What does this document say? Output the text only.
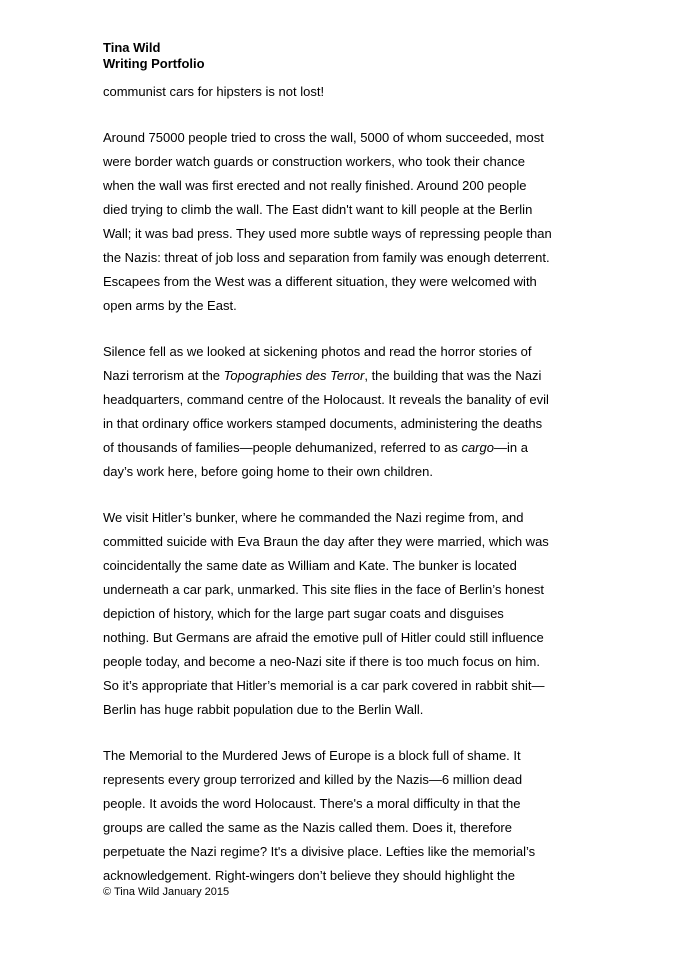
Tina Wild
Writing Portfolio

communist cars for hipsters is not lost!

Around 75000 people tried to cross the wall, 5000 of whom succeeded, most
were border watch guards or construction workers, who took their chance
when the wall was first erected and not really finished. Around 200 people
died trying to climb the wall. The East didn't want to kill people at the Berlin
Wall; it was bad press. They used more subtle ways of repressing people than
the Nazis: threat of job loss and separation from family was enough deterrent.
Escapees from the West was a different situation, they were welcomed with
open arms by the East.

Silence fell as we looked at sickening photos and read the horror stories of
Nazi terrorism at the Topographies des Terror, the building that was the Nazi
headquarters, command centre of the Holocaust. It reveals the banality of evil
in that ordinary office workers stamped documents, administering the deaths
of thousands of families—people dehumanized, referred to as cargo—in a
day’s work here, before going home to their own children.

We visit Hitler’s bunker, where he commanded the Nazi regime from, and
committed suicide with Eva Braun the day after they were married, which was
coincidentally the same date as William and Kate. The bunker is located
underneath a car park, unmarked. This site flies in the face of Berlin’s honest
depiction of history, which for the large part sugar coats and disguises
nothing. But Germans are afraid the emotive pull of Hitler could still influence
people today, and become a neo-Nazi site if there is too much focus on him.
So it’s appropriate that Hitler’s memorial is a car park covered in rabbit shit—
Berlin has huge rabbit population due to the Berlin Wall.

The Memorial to the Murdered Jews of Europe is a block full of shame. It
represents every group terrorized and killed by the Nazis—6 million dead
people. It avoids the word Holocaust. There's a moral difficulty in that the
groups are called the same as the Nazis called them. Does it, therefore
perpetuate the Nazi regime? It's a divisive place. Lefties like the memorial’s
acknowledgement. Right-wingers don’t believe they should highlight the

© Tina Wild January 2015
